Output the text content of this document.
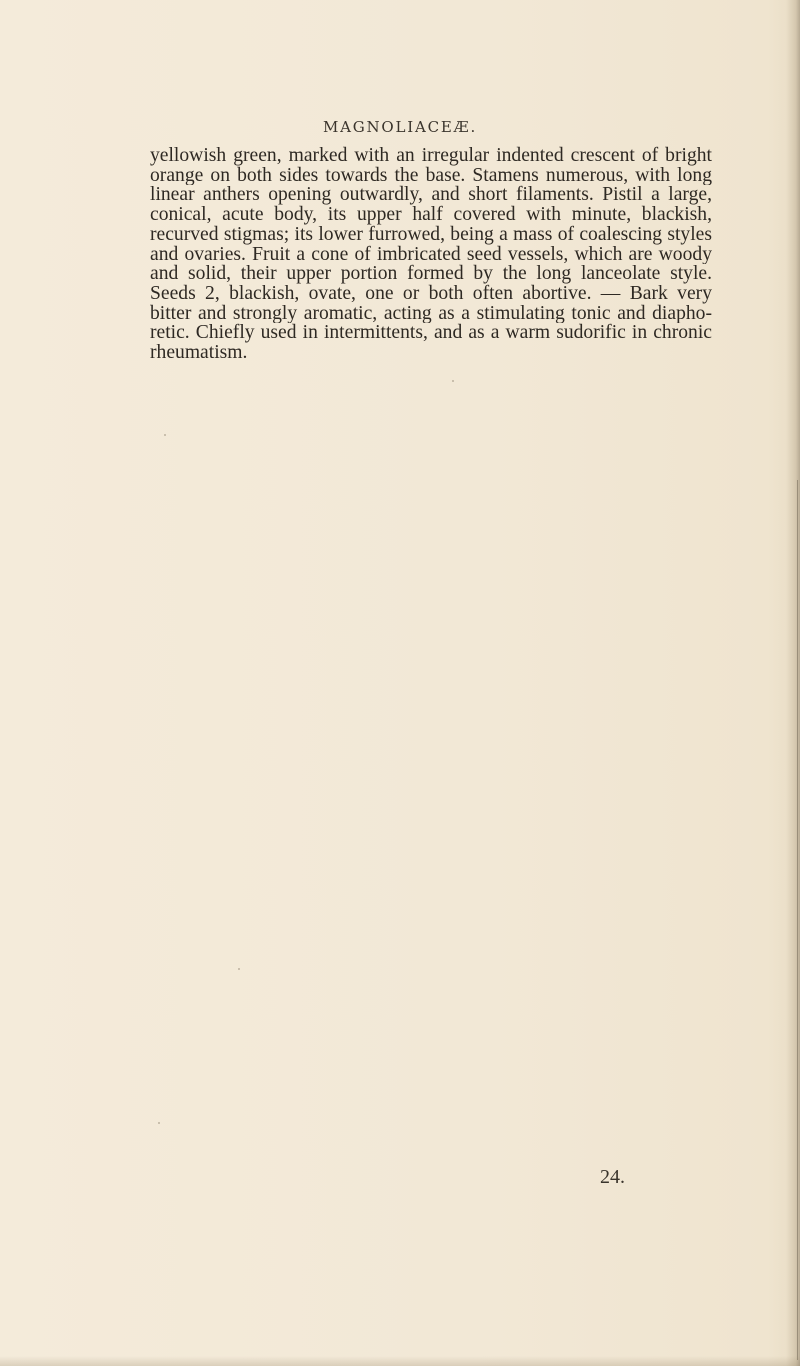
MAGNOLIACEÆ.
yellowish green, marked with an irregular indented crescent of bright
orange on both sides towards the base. Stamens numerous, with long
linear anthers opening outwardly, and short filaments. Pistil a large,
conical, acute body, its upper half covered with minute, blackish,
recurved stigmas; its lower furrowed, being a mass of coalescing styles
and ovaries. Fruit a cone of imbricated seed vessels, which are woody
and solid, their upper portion formed by the long lanceolate style.
Seeds 2, blackish, ovate, one or both often abortive. — Bark very
bitter and strongly aromatic, acting as a stimulating tonic and diapho-
retic. Chiefly used in intermittents, and as a warm sudorific in chronic
rheumatism.
24.
